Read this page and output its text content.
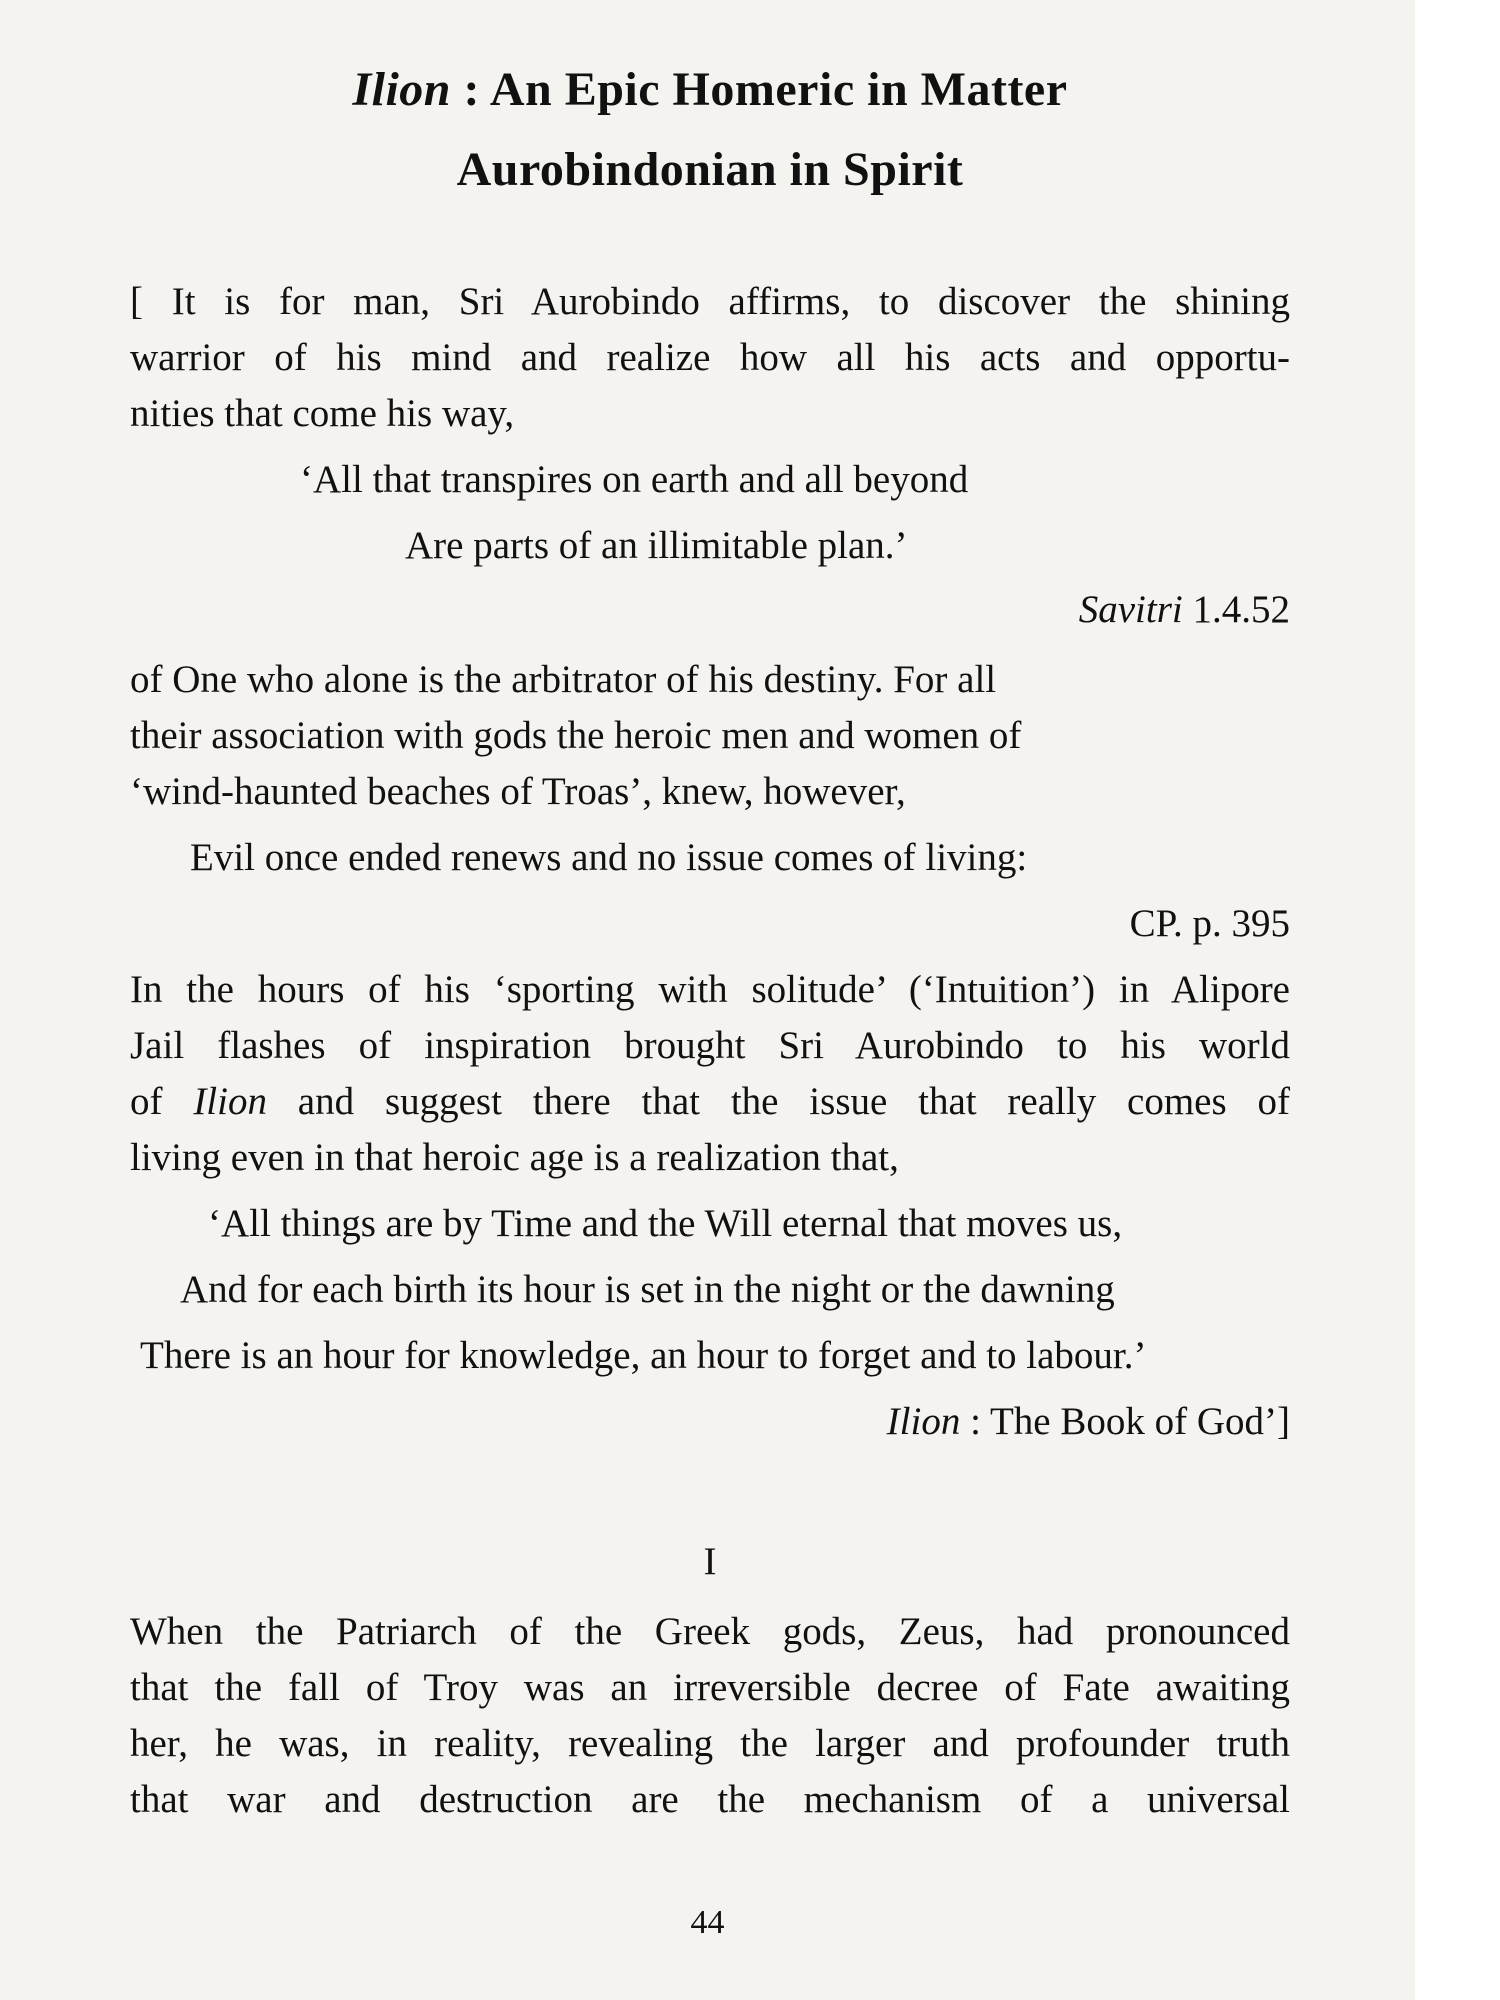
Ilion : An Epic Homeric in Matter
Aurobindonian in Spirit
[ It is for man, Sri Aurobindo affirms, to discover the shining
warrior of his mind and realize how all his acts and opportu-
nities that come his way,
‘All that transpires on earth and all beyond
Are parts of an illimitable plan.’
Savitri 1.4.52
of One who alone is the arbitrator of his destiny. For all
their association with gods the heroic men and women of
‘wind-haunted beaches of Troas’, knew, however,
Evil once ended renews and no issue comes of living:
CP. p. 395
In the hours of his ‘sporting with solitude’ (‘Intuition’) in Alipore
Jail flashes of inspiration brought Sri Aurobindo to his world
of Ilion and suggest there that the issue that really comes of
living even in that heroic age is a realization that,
‘All things are by Time and the Will eternal that moves us,
And for each birth its hour is set in the night or the dawning
There is an hour for knowledge, an hour to forget and to labour.’
Ilion : The Book of God’]
I
When the Patriarch of the Greek gods, Zeus, had pronounced
that the fall of Troy was an irreversible decree of Fate awaiting
her, he was, in reality, revealing the larger and profounder truth
that war and destruction are the mechanism of a universal
44
